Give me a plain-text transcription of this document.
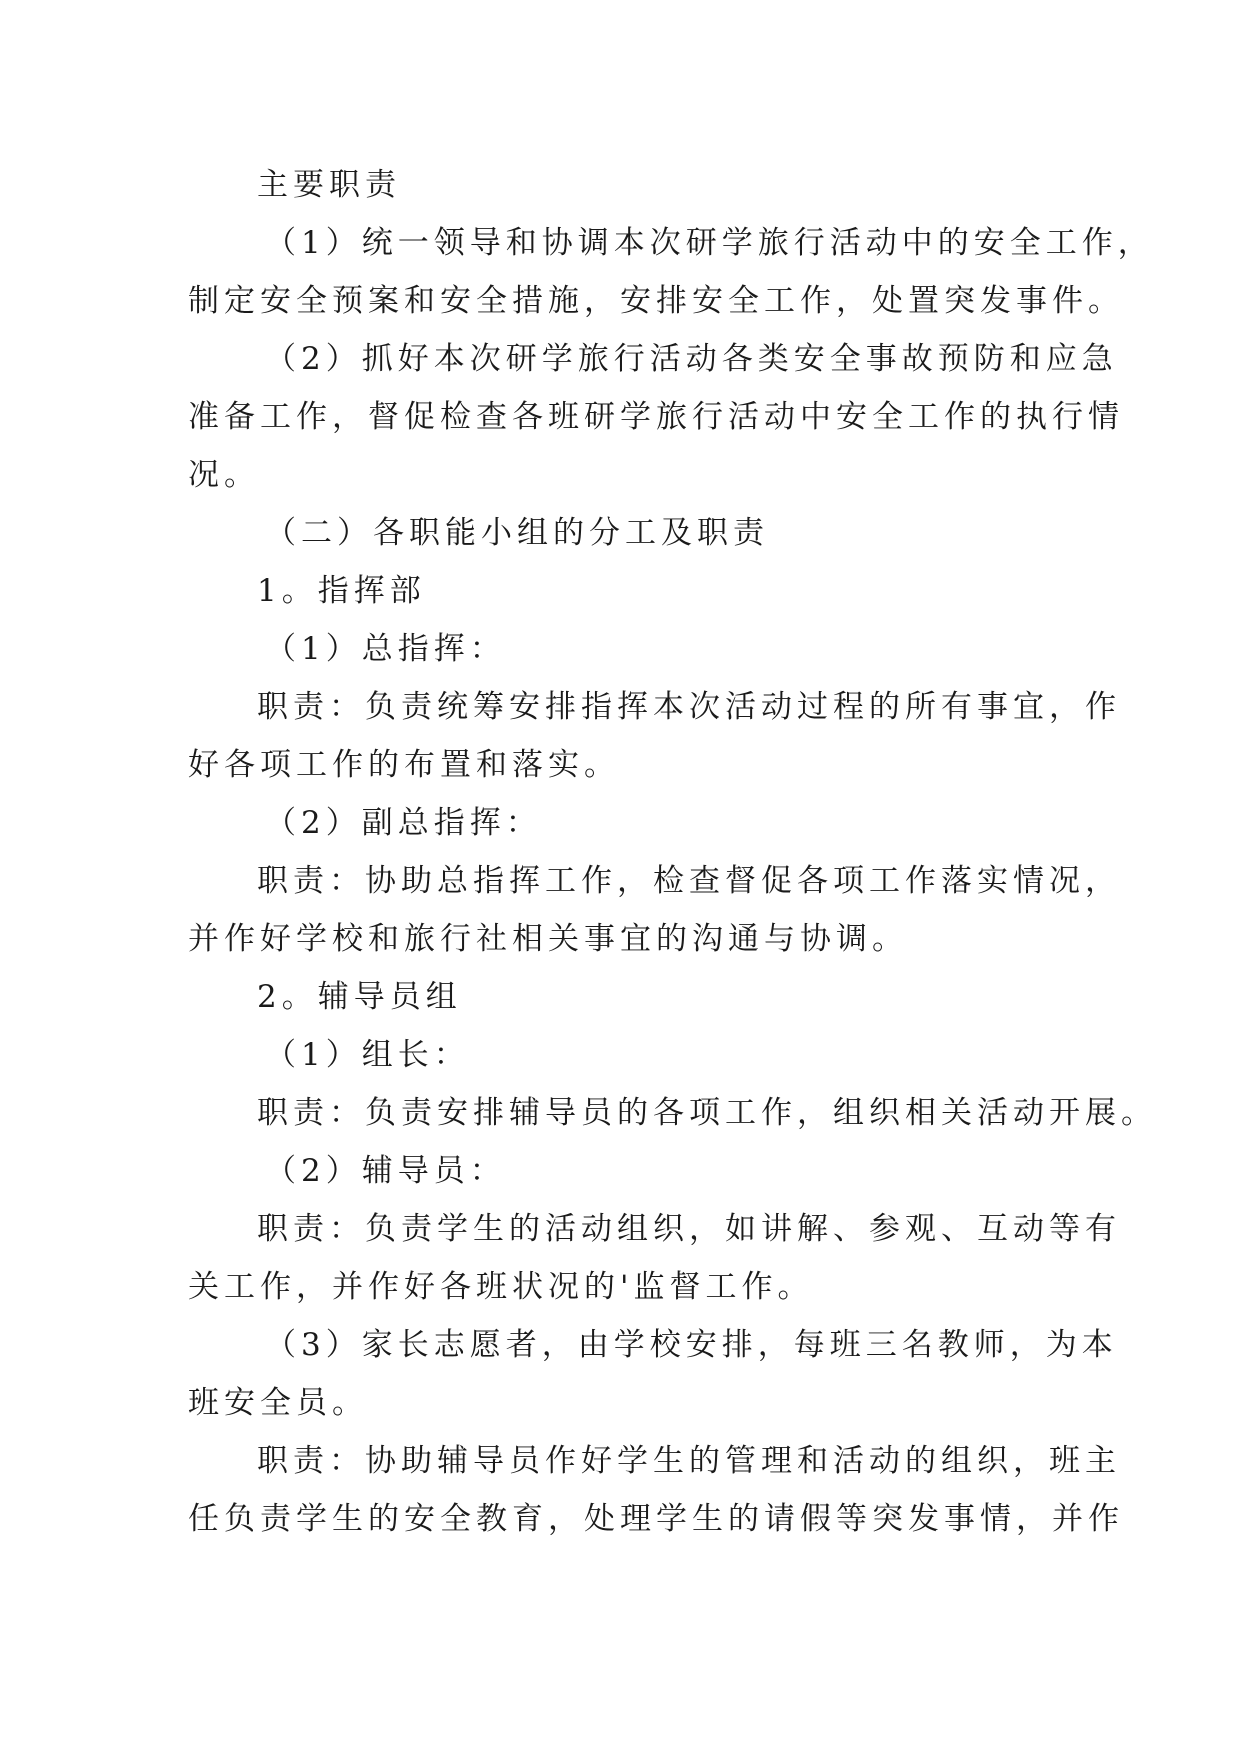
主要职责

（1）统一领导和协调本次研学旅行活动中的安全工作，

制定安全预案和安全措施，安排安全工作，处置突发事件。

（2）抓好本次研学旅行活动各类安全事故预防和应急

准备工作，督促检查各班研学旅行活动中安全工作的执行情

况。

（二）各职能小组的分工及职责

1。指挥部

（1）总指挥：

职责：负责统筹安排指挥本次活动过程的所有事宜，作

好各项工作的布置和落实。

（2）副总指挥：

职责：协助总指挥工作，检查督促各项工作落实情况，

并作好学校和旅行社相关事宜的沟通与协调。

2。辅导员组

（1）组长：

职责：负责安排辅导员的各项工作，组织相关活动开展。

（2）辅导员：

职责：负责学生的活动组织，如讲解、参观、互动等有

关工作，并作好各班状况的'监督工作。

（3）家长志愿者，由学校安排，每班三名教师，为本

班安全员。

职责：协助辅导员作好学生的管理和活动的组织，班主

任负责学生的安全教育，处理学生的请假等突发事情，并作
